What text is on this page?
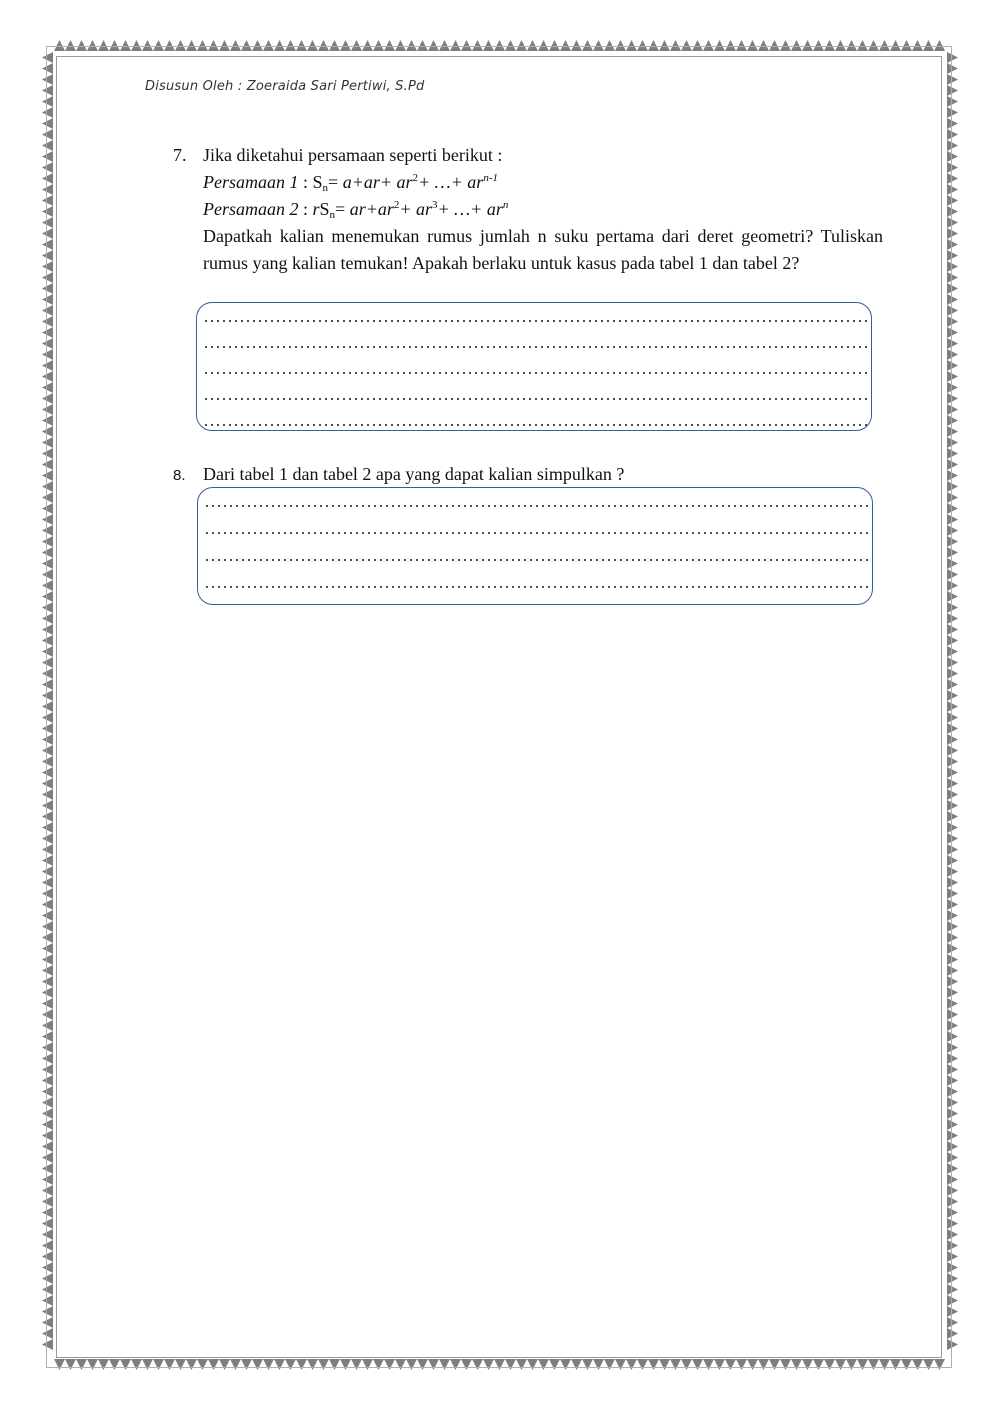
Disusun Oleh : Zoeraida Sari Pertiwi, S.Pd
7. Jika diketahui persamaan seperti berikut :
Persamaan 1 : $S_n= a+ar+ ar^2+$ …+ $ar^{n-1}$
Persamaan 2 : $rS_n= ar+ar^2+ ar^3+$ …+ $ar^n$
Dapatkah kalian menemukan rumus jumlah n suku pertama dari deret geometri? Tuliskan rumus yang kalian temukan! Apakah berlaku untuk kasus pada tabel 1 dan tabel 2?
8. Dari tabel 1 dan tabel 2 apa yang dapat kalian simpulkan ?
